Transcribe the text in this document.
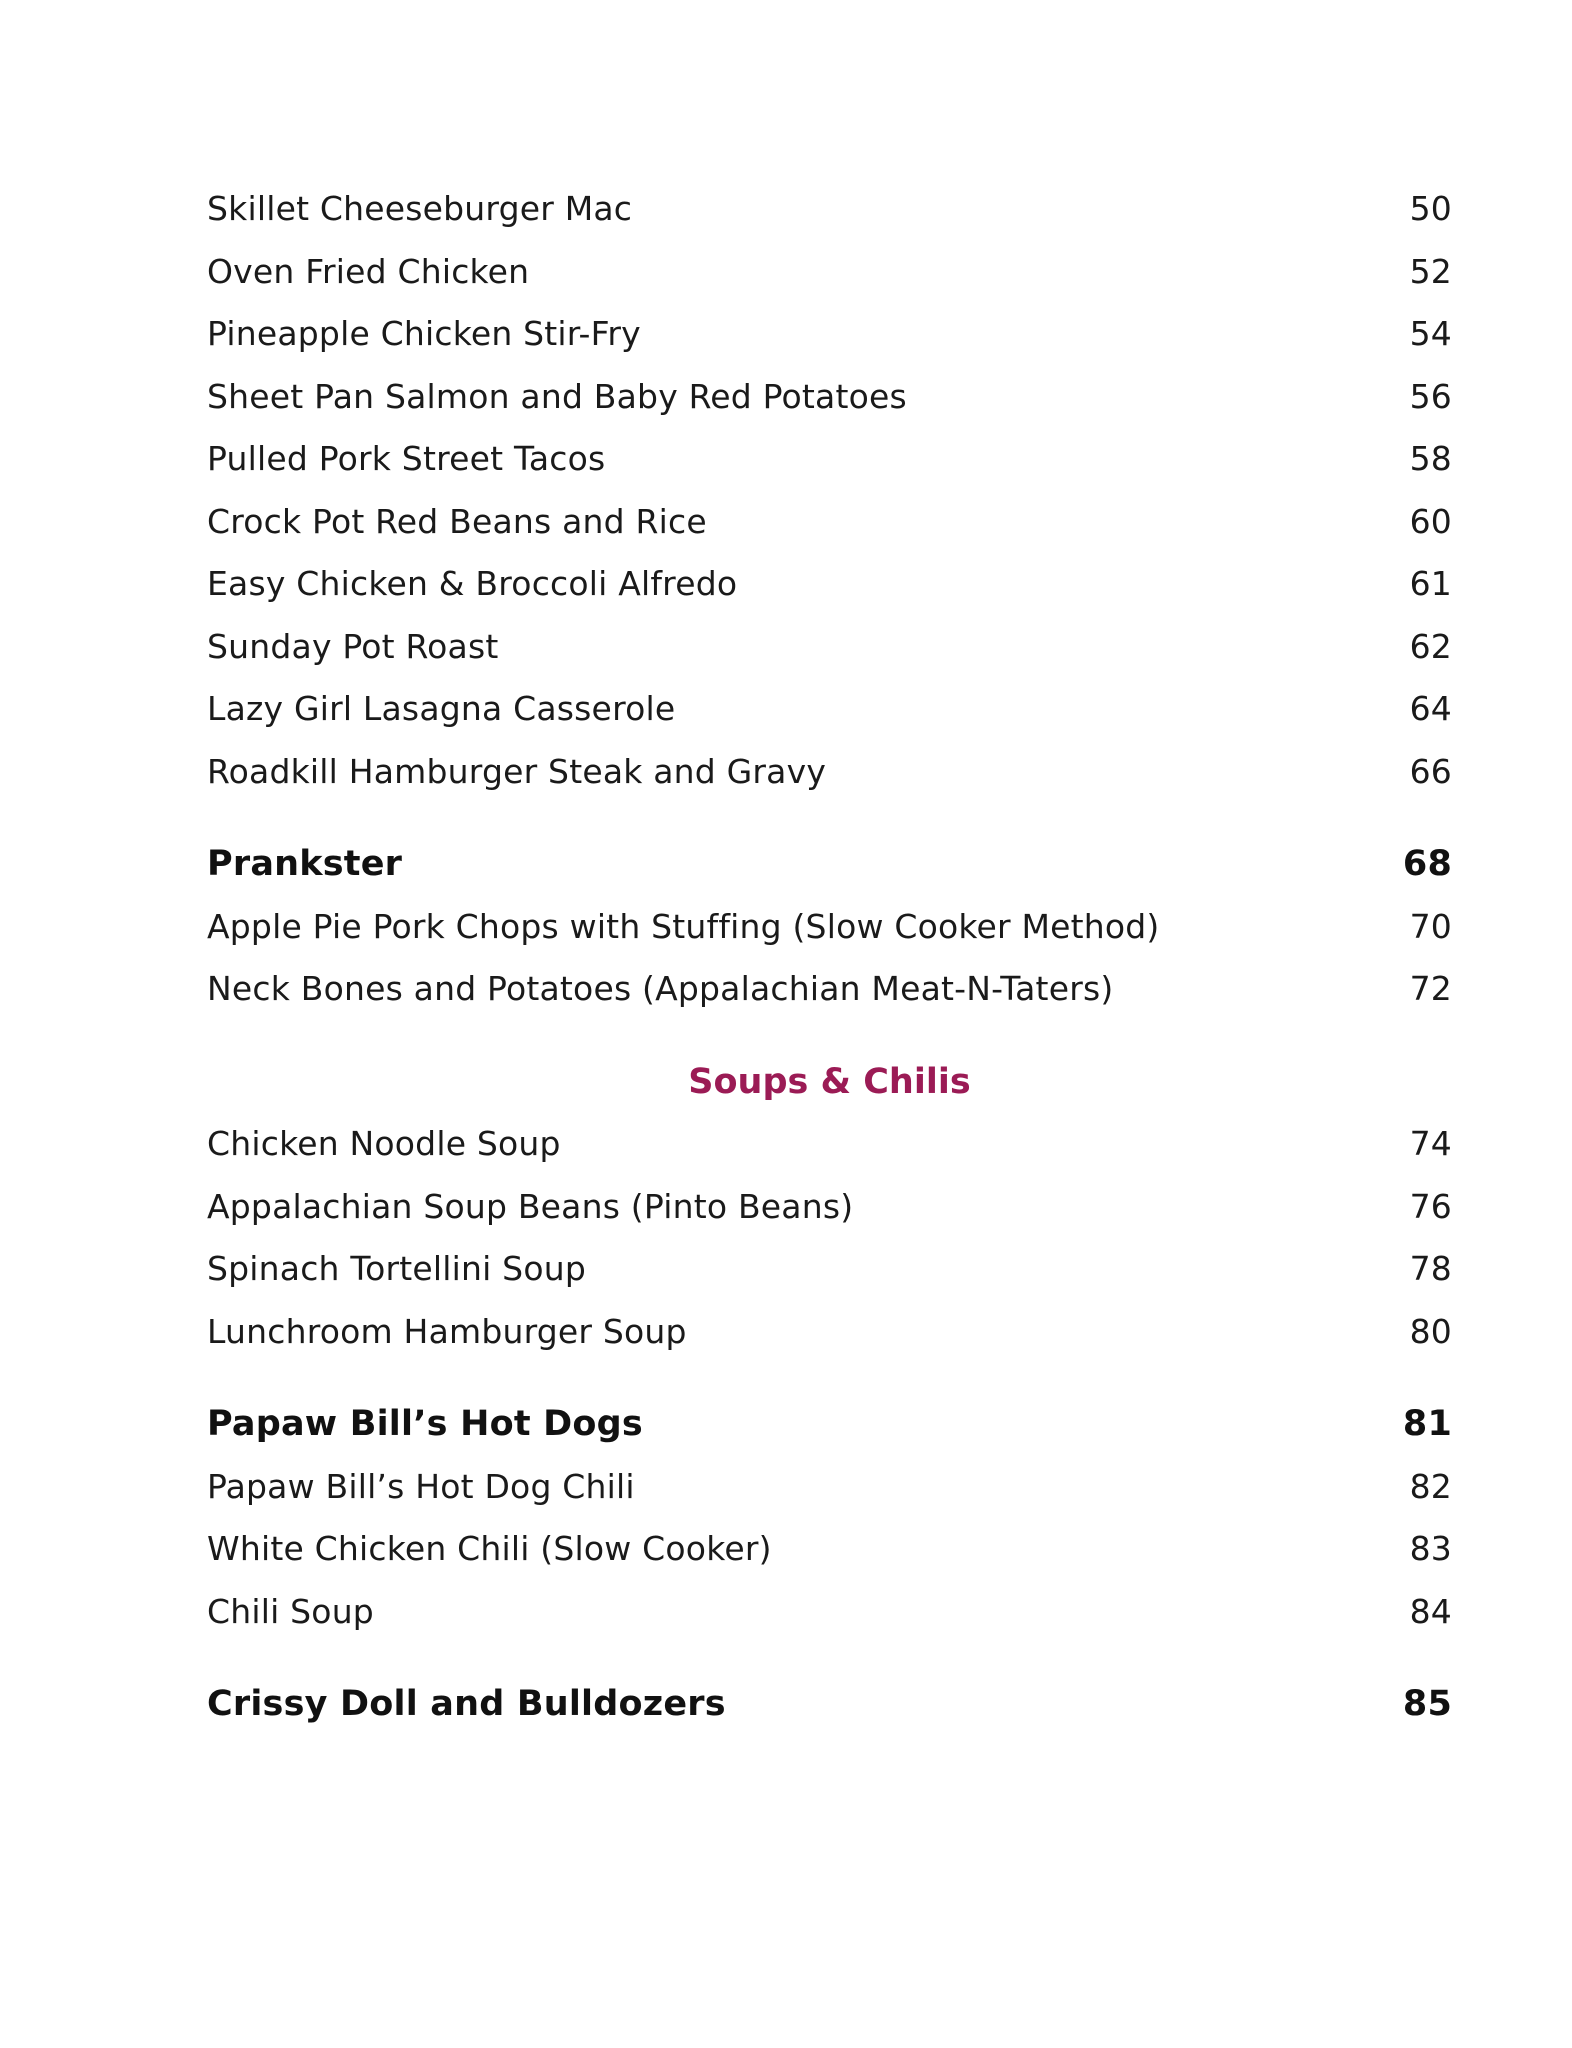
Skillet Cheeseburger Mac	50
Oven Fried Chicken	52
Pineapple Chicken Stir-Fry	54
Sheet Pan Salmon and Baby Red Potatoes	56
Pulled Pork Street Tacos	58
Crock Pot Red Beans and Rice	60
Easy Chicken & Broccoli Alfredo	61
Sunday Pot Roast	62
Lazy Girl Lasagna Casserole	64
Roadkill Hamburger Steak and Gravy	66
Prankster	68
Apple Pie Pork Chops with Stuffing (Slow Cooker Method)	70
Neck Bones and Potatoes (Appalachian Meat-N-Taters)	72
Soups & Chilis
Chicken Noodle Soup	74
Appalachian Soup Beans (Pinto Beans)	76
Spinach Tortellini Soup	78
Lunchroom Hamburger Soup	80
Papaw Bill’s Hot Dogs	81
Papaw Bill’s Hot Dog Chili	82
White Chicken Chili (Slow Cooker)	83
Chili Soup	84
Crissy Doll and Bulldozers	85
